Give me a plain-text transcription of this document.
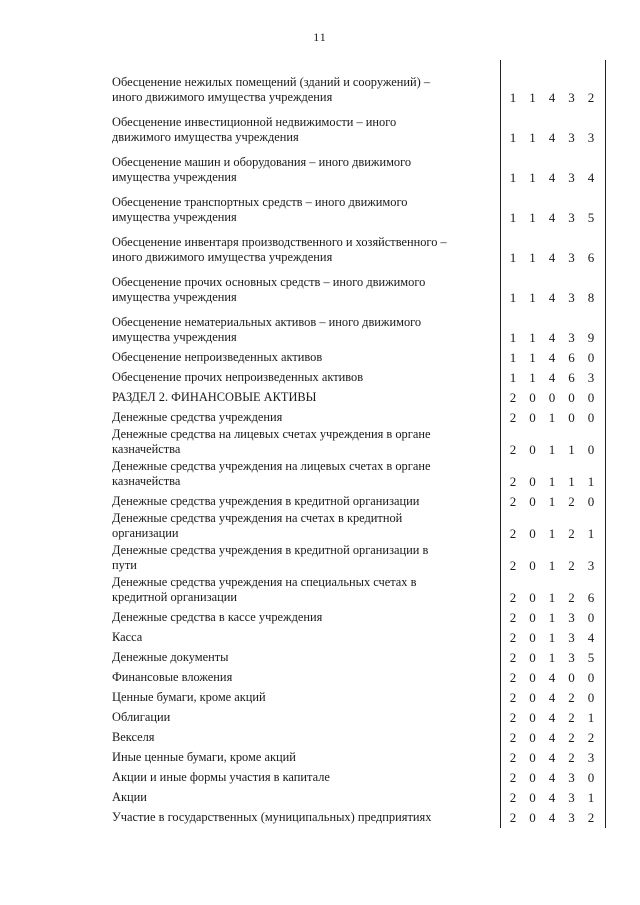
11
Обесценение нежилых помещений (зданий и сооружений) –
иного движимого имущества учреждения	1 1 4 3 2
Обесценение инвестиционной недвижимости – иного
движимого имущества учреждения	1 1 4 3 3
Обесценение машин и оборудования – иного движимого
имущества учреждения	1 1 4 3 4
Обесценение транспортных средств – иного движимого
имущества учреждения	1 1 4 3 5
Обесценение инвентаря производственного и хозяйственного –
иного движимого имущества учреждения	1 1 4 3 6
Обесценение прочих основных средств – иного движимого
имущества учреждения	1 1 4 3 8
Обесценение нематериальных активов – иного движимого
имущества учреждения	1 1 4 3 9
Обесценение непроизведенных активов	1 1 4 6 0
Обесценение прочих непроизведенных активов	1 1 4 6 3
РАЗДЕЛ 2. ФИНАНСОВЫЕ АКТИВЫ	2 0 0 0 0
Денежные средства учреждения	2 0 1 0 0
Денежные средства на лицевых счетах учреждения в органе
казначейства	2 0 1 1 0
Денежные средства учреждения на лицевых счетах в органе
казначейства	2 0 1 1 1
Денежные средства учреждения в кредитной организации	2 0 1 2 0
Денежные средства учреждения на счетах в кредитной
организации	2 0 1 2 1
Денежные средства учреждения в кредитной организации в
пути	2 0 1 2 3
Денежные средства учреждения на специальных счетах в
кредитной организации	2 0 1 2 6
Денежные средства в кассе учреждения	2 0 1 3 0
Касса	2 0 1 3 4
Денежные документы	2 0 1 3 5
Финансовые вложения	2 0 4 0 0
Ценные бумаги, кроме акций	2 0 4 2 0
Облигации	2 0 4 2 1
Векселя	2 0 4 2 2
Иные ценные бумаги, кроме акций	2 0 4 2 3
Акции и иные формы участия в капитале	2 0 4 3 0
Акции	2 0 4 3 1
Участие в государственных (муниципальных) предприятиях	2 0 4 3 2
